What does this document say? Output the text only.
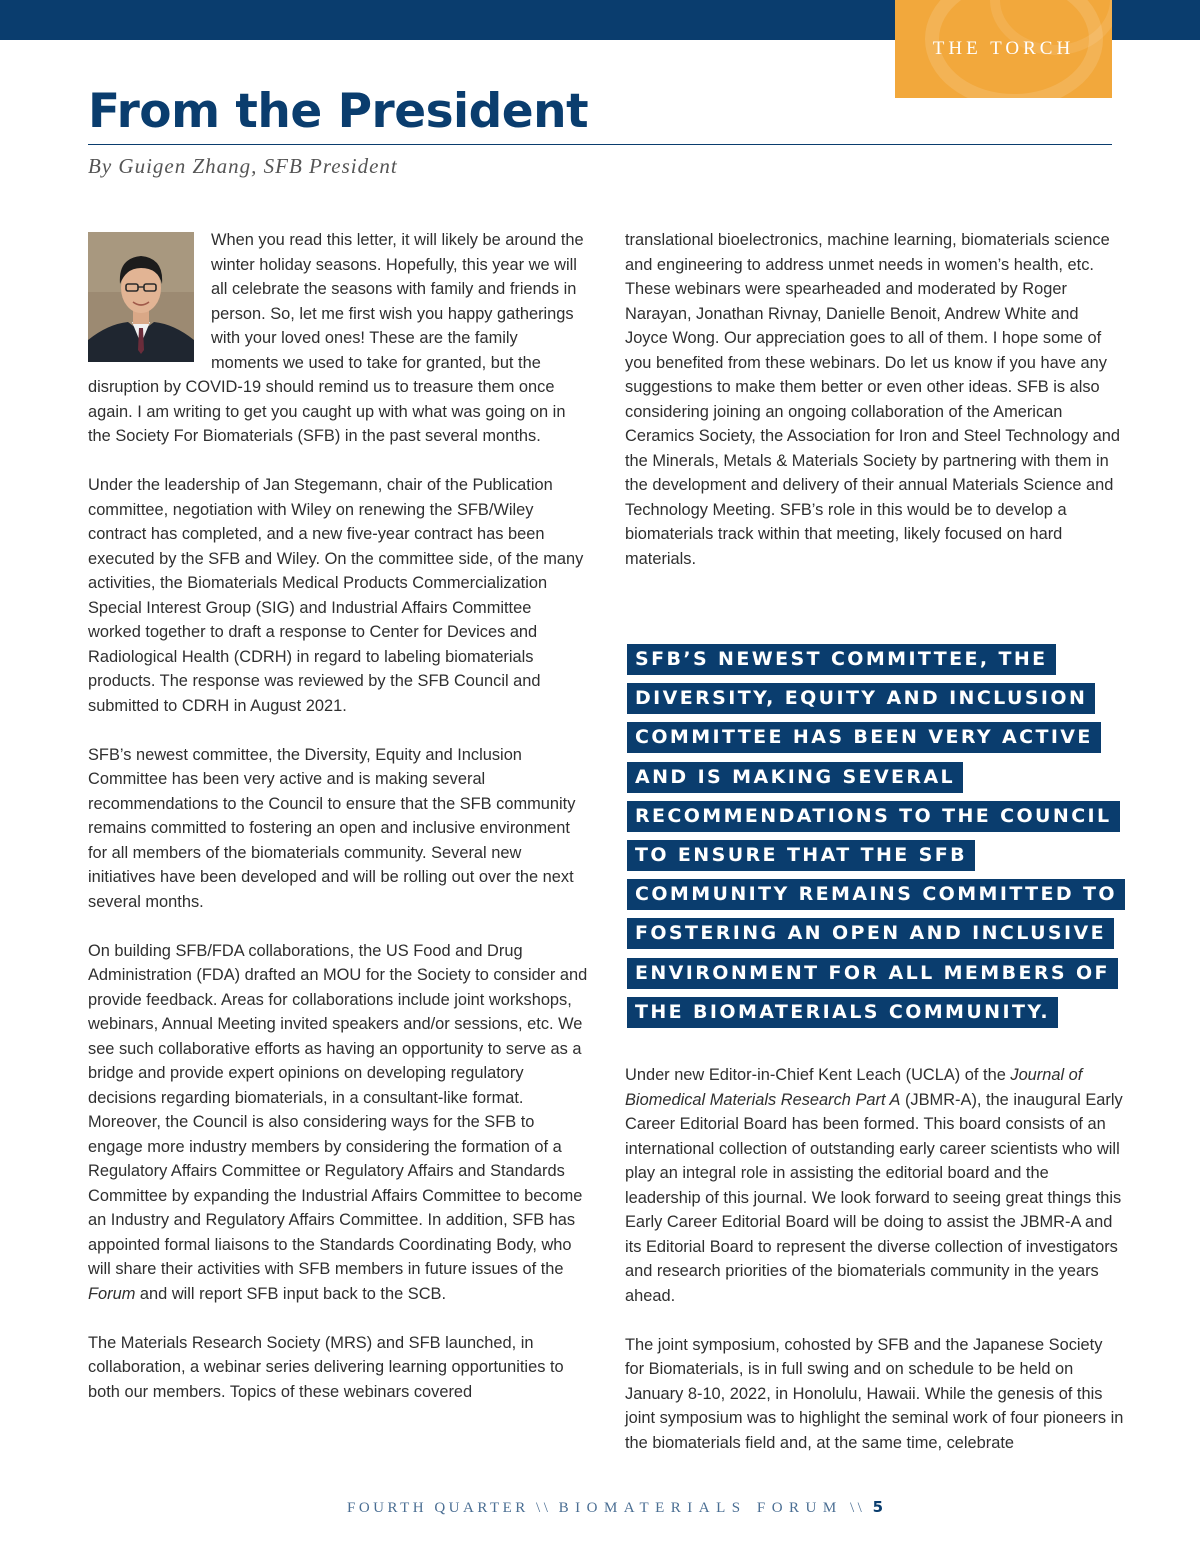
THE TORCH
From the President
By Guigen Zhang, SFB President

When you read this letter, it will likely be around the winter holiday seasons. Hopefully, this year we will all celebrate the seasons with family and friends in person. So, let me first wish you happy gatherings with your loved ones! These are the family moments we used to take for granted, but the disruption by COVID-19 should remind us to treasure them once again. I am writing to get you caught up with what was going on in the Society For Biomaterials (SFB) in the past several months.

Under the leadership of Jan Stegemann, chair of the Publication committee, negotiation with Wiley on renewing the SFB/Wiley contract has completed, and a new five-year contract has been executed by the SFB and Wiley. On the committee side, of the many activities, the Biomaterials Medical Products Commercialization Special Interest Group (SIG) and Industrial Affairs Committee worked together to draft a response to Center for Devices and Radiological Health (CDRH) in regard to labeling biomaterials products. The response was reviewed by the SFB Council and submitted to CDRH in August 2021.

SFB’s newest committee, the Diversity, Equity and Inclusion Committee has been very active and is making several recommendations to the Council to ensure that the SFB community remains committed to fostering an open and inclusive environment for all members of the biomaterials community. Several new initiatives have been developed and will be rolling out over the next several months.

On building SFB/FDA collaborations, the US Food and Drug Administration (FDA) drafted an MOU for the Society to consider and provide feedback. Areas for collaborations include joint workshops, webinars, Annual Meeting invited speakers and/or sessions, etc. We see such collaborative efforts as having an opportunity to serve as a bridge and provide expert opinions on developing regulatory decisions regarding biomaterials, in a consultant-like format. Moreover, the Council is also considering ways for the SFB to engage more industry members by considering the formation of a Regulatory Affairs Committee or Regulatory Affairs and Standards Committee by expanding the Industrial Affairs Committee to become an Industry and Regulatory Affairs Committee. In addition, SFB has appointed formal liaisons to the Standards Coordinating Body, who will share their activities with SFB members in future issues of the Forum and will report SFB input back to the SCB.

The Materials Research Society (MRS) and SFB launched, in collaboration, a webinar series delivering learning opportunities to both our members. Topics of these webinars covered

translational bioelectronics, machine learning, biomaterials science and engineering to address unmet needs in women’s health, etc. These webinars were spearheaded and moderated by Roger Narayan, Jonathan Rivnay, Danielle Benoit, Andrew White and Joyce Wong. Our appreciation goes to all of them. I hope some of you benefited from these webinars. Do let us know if you have any suggestions to make them better or even other ideas. SFB is also considering joining an ongoing collaboration of the American Ceramics Society, the Association for Iron and Steel Technology and the Minerals, Metals & Materials Society by partnering with them in the development and delivery of their annual Materials Science and Technology Meeting. SFB’s role in this would be to develop a biomaterials track within that meeting, likely focused on hard materials.

SFB’S NEWEST COMMITTEE, THE DIVERSITY, EQUITY AND INCLUSION COMMITTEE HAS BEEN VERY ACTIVE AND IS MAKING SEVERAL RECOMMENDATIONS TO THE COUNCIL TO ENSURE THAT THE SFB COMMUNITY REMAINS COMMITTED TO FOSTERING AN OPEN AND INCLUSIVE ENVIRONMENT FOR ALL MEMBERS OF THE BIOMATERIALS COMMUNITY.

Under new Editor-in-Chief Kent Leach (UCLA) of the Journal of Biomedical Materials Research Part A (JBMR-A), the inaugural Early Career Editorial Board has been formed. This board consists of an international collection of outstanding early career scientists who will play an integral role in assisting the editorial board and the leadership of this journal. We look forward to seeing great things this Early Career Editorial Board will be doing to assist the JBMR-A and its Editorial Board to represent the diverse collection of investigators and research priorities of the biomaterials community in the years ahead.

The joint symposium, cohosted by SFB and the Japanese Society for Biomaterials, is in full swing and on schedule to be held on January 8-10, 2022, in Honolulu, Hawaii. While the genesis of this joint symposium was to highlight the seminal work of four pioneers in the biomaterials field and, at the same time, celebrate

FOURTH QUARTER \\ BIOMATERIALS FORUM \\ 5
